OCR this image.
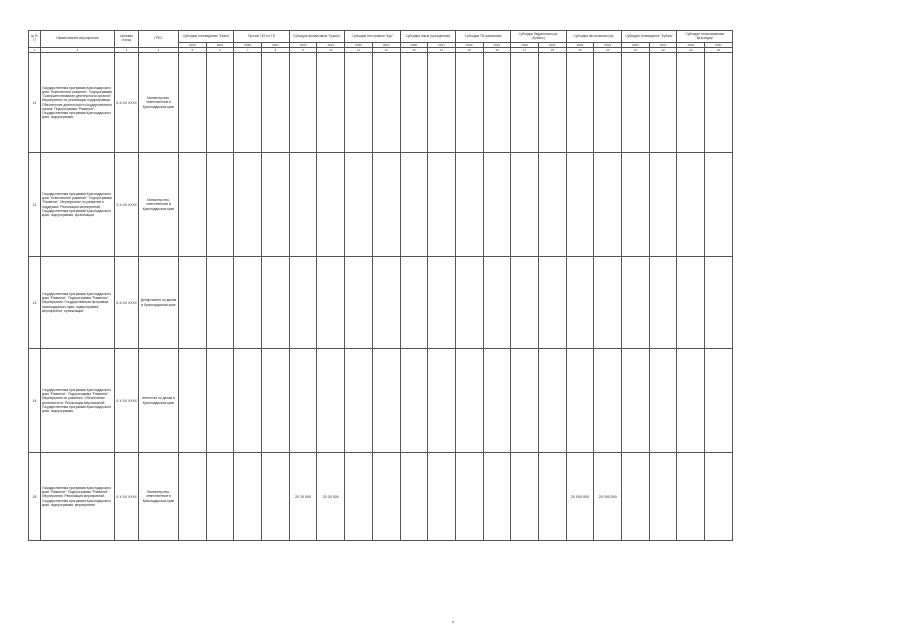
№ П/П	Наименование мероприятия	Целевая статья	ГРБС	Субсидии телевидению "Бизон"		Прочие ГКУ по ТВ		Субсидии финансовые "Курьер"		Субсидии типография "Кур"		Субсидии иным учреждениям		Субсидии ТВ-компаниям		Субсидии бюджетным учр. (Кубань)		Субсидии автономным учр.		Субсидии телевидение "Кубань"		Субсидии телекомпаниям "Краснодар"	
				2020	2021	2020	2021	2020	2021	2020	2021	2020	2021	2020	2021	2020	2021	2020	2021	2020	2021	2020	2021
1	2	3	4	5	6	7	8	9	10	11	12	13	14	15	16	17	18	19	20	21	22	23	24
11	Государственная программа Краснодарского края "Комплексное развитие". Подпрограмма "Совершенствование деятельности органов". Мероприятие по реализации подпрограммы. Обеспечение деятельности государственного органа. Подпрограмма "Развитие". Государственная программа Краснодарского края, подпрограмма.	Х-Х-ХХ ХХХХ	Министерство, ответственное в Краснодарском крае																				
12	Государственная программа Краснодарского края "Комплексное развитие". Подпрограмма "Развитие". Мероприятие по развитию и поддержке. Реализация мероприятий. Государственная программа Краснодарского края, подпрограмма, организации.	Х-Х-ХХ ХХХХ	Министерство, ответственное в Краснодарском крае																				
13	Государственная программа Краснодарского края "Развитие". Подпрограмма "Развитие". Мероприятие. Государственная программа Краснодарского края, подпрограмма, мероприятие, организации.	Х-Х-ХХ ХХХХ	Департамент по делам в Краснодарском крае																				
14	Государственная программа Краснодарского края "Развитие". Подпрограмма "Развитие". Мероприятие по развитию. Обеспечение деятельности. Реализация мероприятий. Государственная программа Краснодарского края, подпрограмма.	Х-Х-ХХ ХХХХ	Агентство по делам в Краснодарском крае																				
15	Государственная программа Краснодарского края "Развитие". Подпрограмма "Развитие". Мероприятие. Реализация мероприятий. Государственная программа Краснодарского края, подпрограмма, мероприятие.	Х-Х-ХХ ХХХХ	Министерство, ответственное в Краснодарском крае					20 20 000	20 20 000									20 000 000	20 000 000				
4
